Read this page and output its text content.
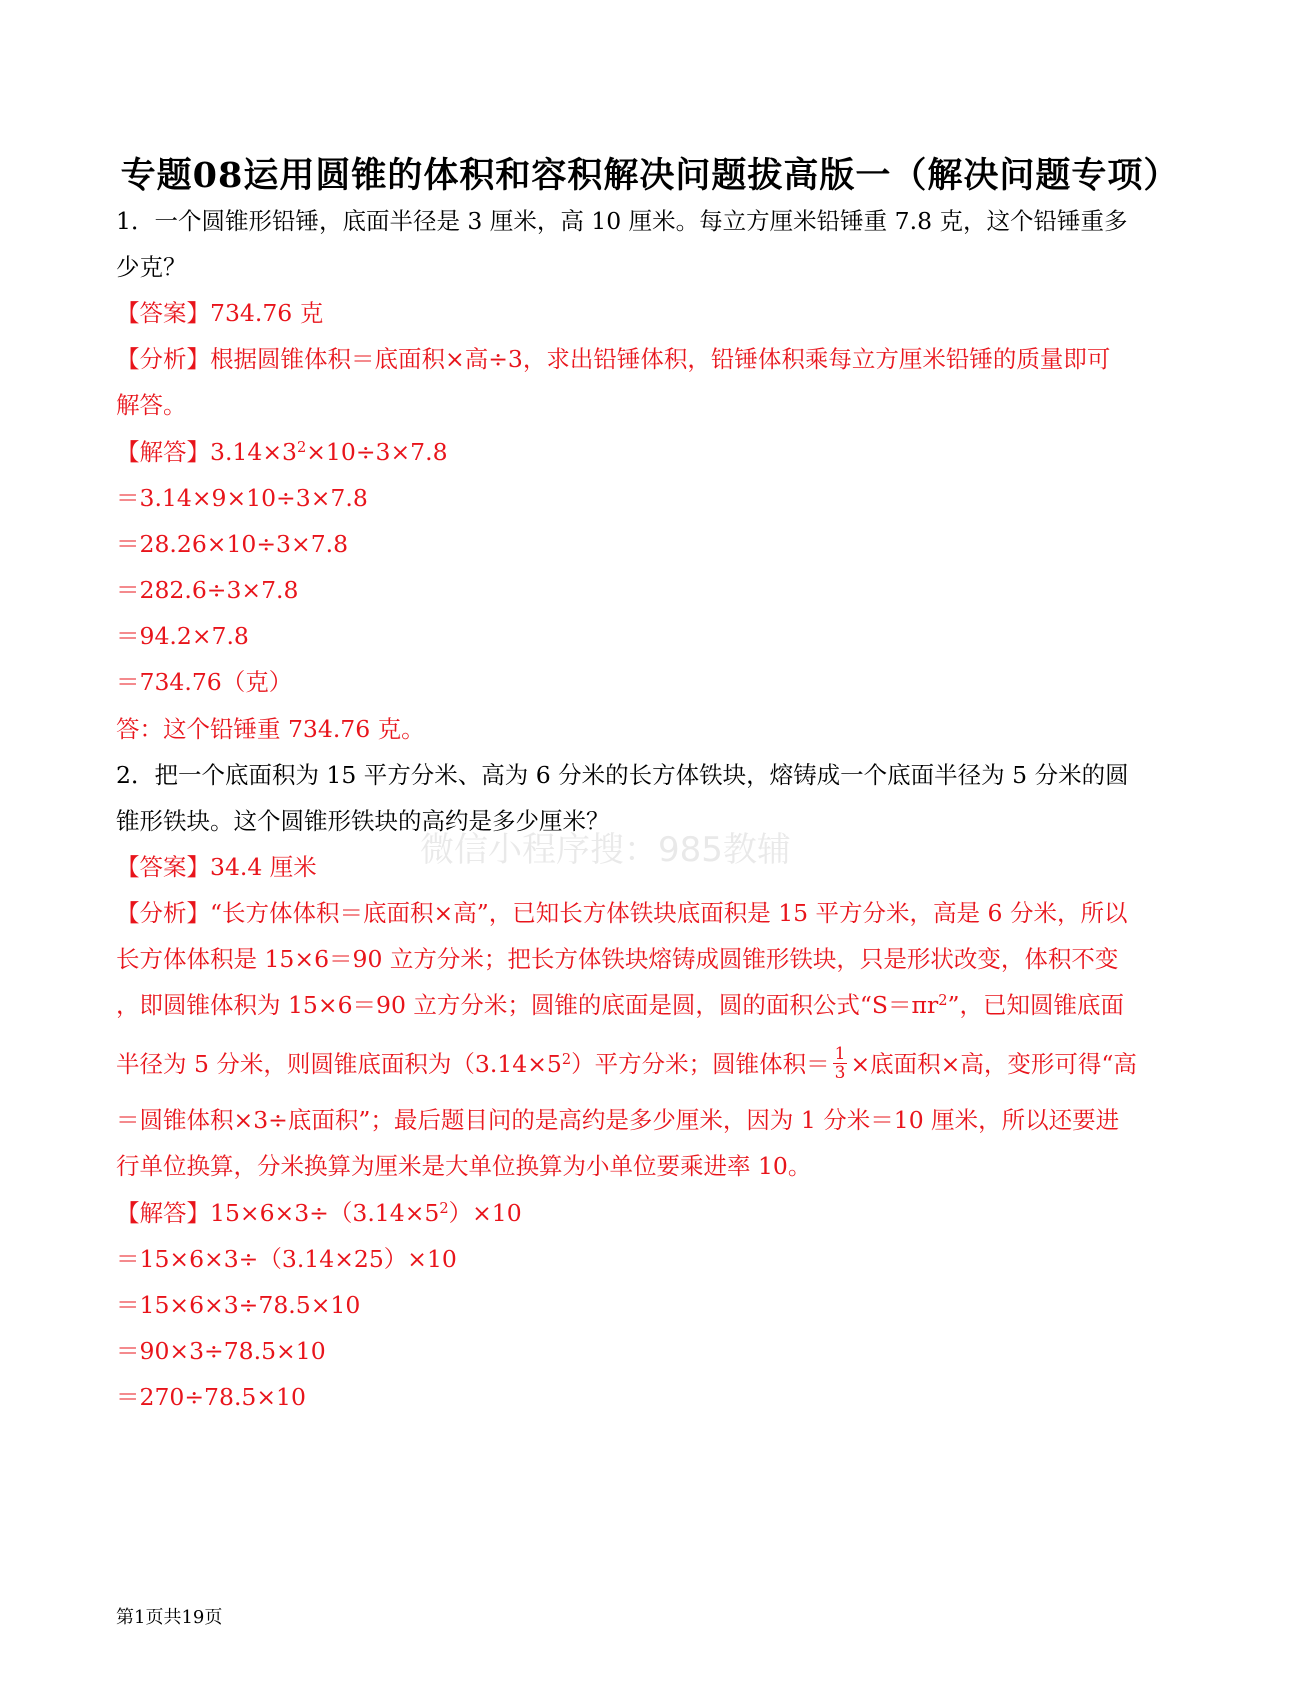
专题08运用圆锥的体积和容积解决问题拔高版一（解决问题专项）
1．一个圆锥形铅锤，底面半径是 3 厘米，高 10 厘米。每立方厘米铅锤重 7.8 克，这个铅锤重多
少克？
【答案】734.76 克
【分析】根据圆锥体积＝底面积×高÷3，求出铅锤体积，铅锤体积乘每立方厘米铅锤的质量即可
解答。
【解答】$3.14\times 3^2\times 10\div 3\times 7.8$
＝3.14×9×10÷3×7.8
＝28.26×10÷3×7.8
＝282.6÷3×7.8
＝94.2×7.8
＝734.76（克）
答：这个铅锤重 734.76 克。
2．把一个底面积为 15 平方分米、高为 6 分米的长方体铁块，熔铸成一个底面半径为 5 分米的圆
锥形铁块。这个圆锥形铁块的高约是多少厘米？
【答案】34.4 厘米
【分析】“长方体体积＝底面积×高”，已知长方体铁块底面积是 15 平方分米，高是 6 分米，所以
长方体体积是 15×6＝90 立方分米；把长方体铁块熔铸成圆锥形铁块，只是形状改变，体积不变
，即圆锥体积为 15×6＝90 立方分米；圆锥的底面是圆，圆的面积公式“$S=\pi r^2$”，已知圆锥底面
半径为 5 分米，则圆锥底面积为$(3.14\times 5^2)$平方分米；圆锥体积＝ $\frac{1}{3}$ ×底面积×高，变形可得“高
＝圆锥体积×3÷底面积”；最后题目问的是高约是多少厘米，因为 1 分米＝10 厘米，所以还要进
行单位换算，分米换算为厘米是大单位换算为小单位要乘进率 10。
【解答】$15\times 6\times 3\div(3.14\times 5^2)\times 10$
＝15×6×3÷（3.14×25）×10
＝15×6×3÷78.5×10
＝90×3÷78.5×10
＝270÷78.5×10
微信小程序搜：985教辅
第1页共19页
